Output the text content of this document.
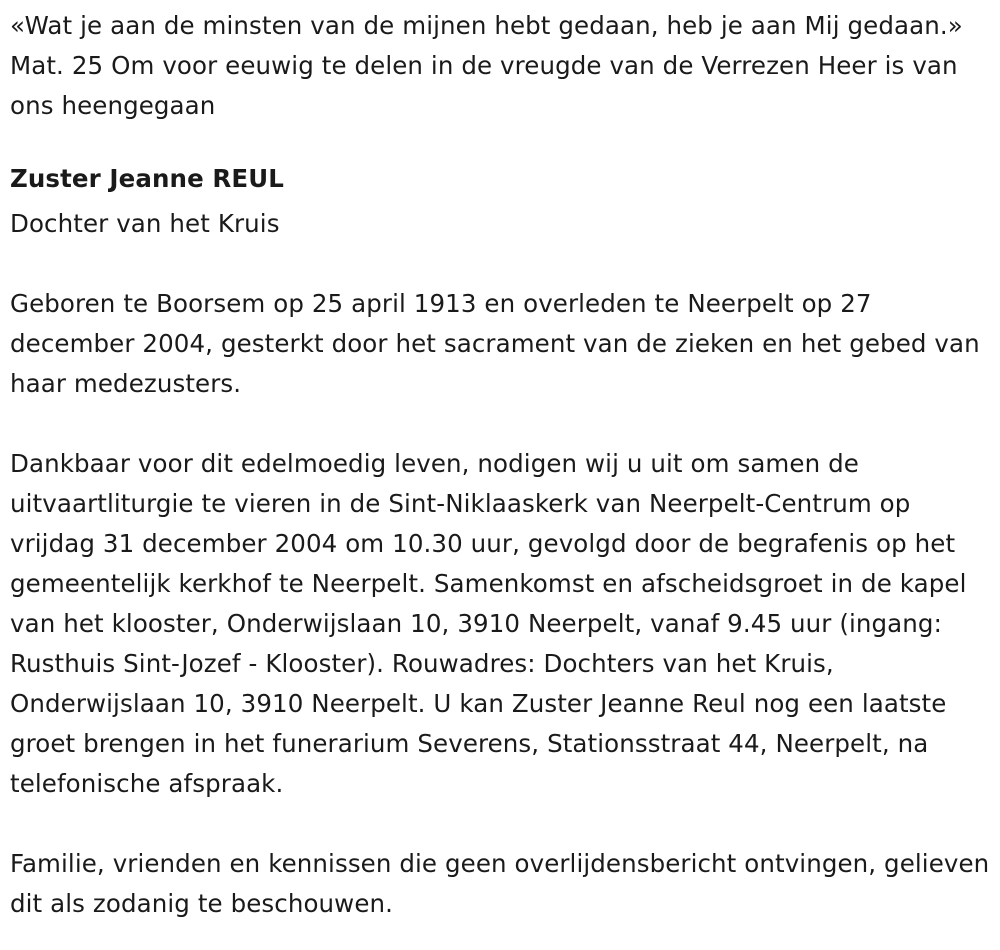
«Wat je aan de minsten van de mijnen hebt gedaan, heb je aan Mij gedaan.» Mat. 25 Om voor eeuwig te delen in de vreugde van de Verrezen Heer is van ons heengegaan

Zuster Jeanne REUL

Dochter van het Kruis

Geboren te Boorsem op 25 april 1913 en overleden te Neerpelt op 27 december 2004, gesterkt door het sacrament van de zieken en het gebed van haar medezusters.

Dankbaar voor dit edelmoedig leven, nodigen wij u uit om samen de uitvaartliturgie te vieren in de Sint-Niklaaskerk van Neerpelt-Centrum op vrijdag 31 december 2004 om 10.30 uur, gevolgd door de begrafenis op het gemeentelijk kerkhof te Neerpelt. Samenkomst en afscheidsgroet in de kapel van het klooster, Onderwijslaan 10, 3910 Neerpelt, vanaf 9.45 uur (ingang: Rusthuis Sint-Jozef - Klooster). Rouwadres: Dochters van het Kruis, Onderwijslaan 10, 3910 Neerpelt. U kan Zuster Jeanne Reul nog een laatste groet brengen in het funerarium Severens, Stationsstraat 44, Neerpelt, na telefonische afspraak.

Familie, vrienden en kennissen die geen overlijdensbericht ontvingen, gelieven dit als zodanig te beschouwen.
